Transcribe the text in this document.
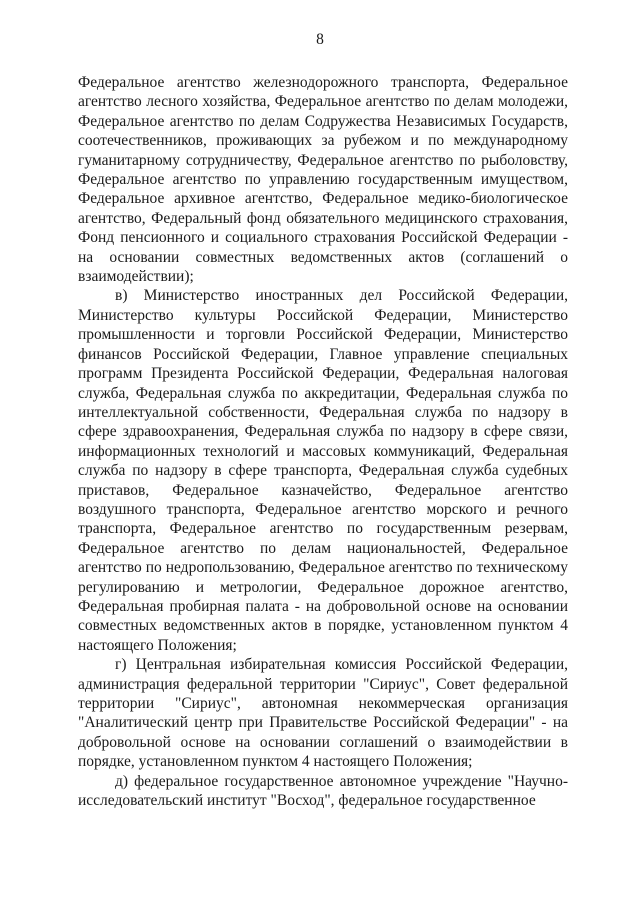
8

Федеральное агентство железнодорожного транспорта, Федеральное агентство лесного хозяйства, Федеральное агентство по делам молодежи, Федеральное агентство по делам Содружества Независимых Государств, соотечественников, проживающих за рубежом и по международному гуманитарному сотрудничеству, Федеральное агентство по рыболовству, Федеральное агентство по управлению государственным имуществом, Федеральное архивное агентство, Федеральное медико-биологическое агентство, Федеральный фонд обязательного медицинского страхования, Фонд пенсионного и социального страхования Российской Федерации - на основании совместных ведомственных актов (соглашений о взаимодействии);

в) Министерство иностранных дел Российской Федерации, Министерство культуры Российской Федерации, Министерство промышленности и торговли Российской Федерации, Министерство финансов Российской Федерации, Главное управление специальных программ Президента Российской Федерации, Федеральная налоговая служба, Федеральная служба по аккредитации, Федеральная служба по интеллектуальной собственности, Федеральная служба по надзору в сфере здравоохранения, Федеральная служба по надзору в сфере связи, информационных технологий и массовых коммуникаций, Федеральная служба по надзору в сфере транспорта, Федеральная служба судебных приставов, Федеральное казначейство, Федеральное агентство воздушного транспорта, Федеральное агентство морского и речного транспорта, Федеральное агентство по государственным резервам, Федеральное агентство по делам национальностей, Федеральное агентство по недропользованию, Федеральное агентство по техническому регулированию и метрологии, Федеральное дорожное агентство, Федеральная пробирная палата - на добровольной основе на основании совместных ведомственных актов в порядке, установленном пунктом 4 настоящего Положения;

г) Центральная избирательная комиссия Российской Федерации, администрация федеральной территории "Сириус", Совет федеральной территории "Сириус", автономная некоммерческая организация "Аналитический центр при Правительстве Российской Федерации" - на добровольной основе на основании соглашений о взаимодействии в порядке, установленном пунктом 4 настоящего Положения;

д) федеральное государственное автономное учреждение "Научно-исследовательский институт "Восход", федеральное государственное
